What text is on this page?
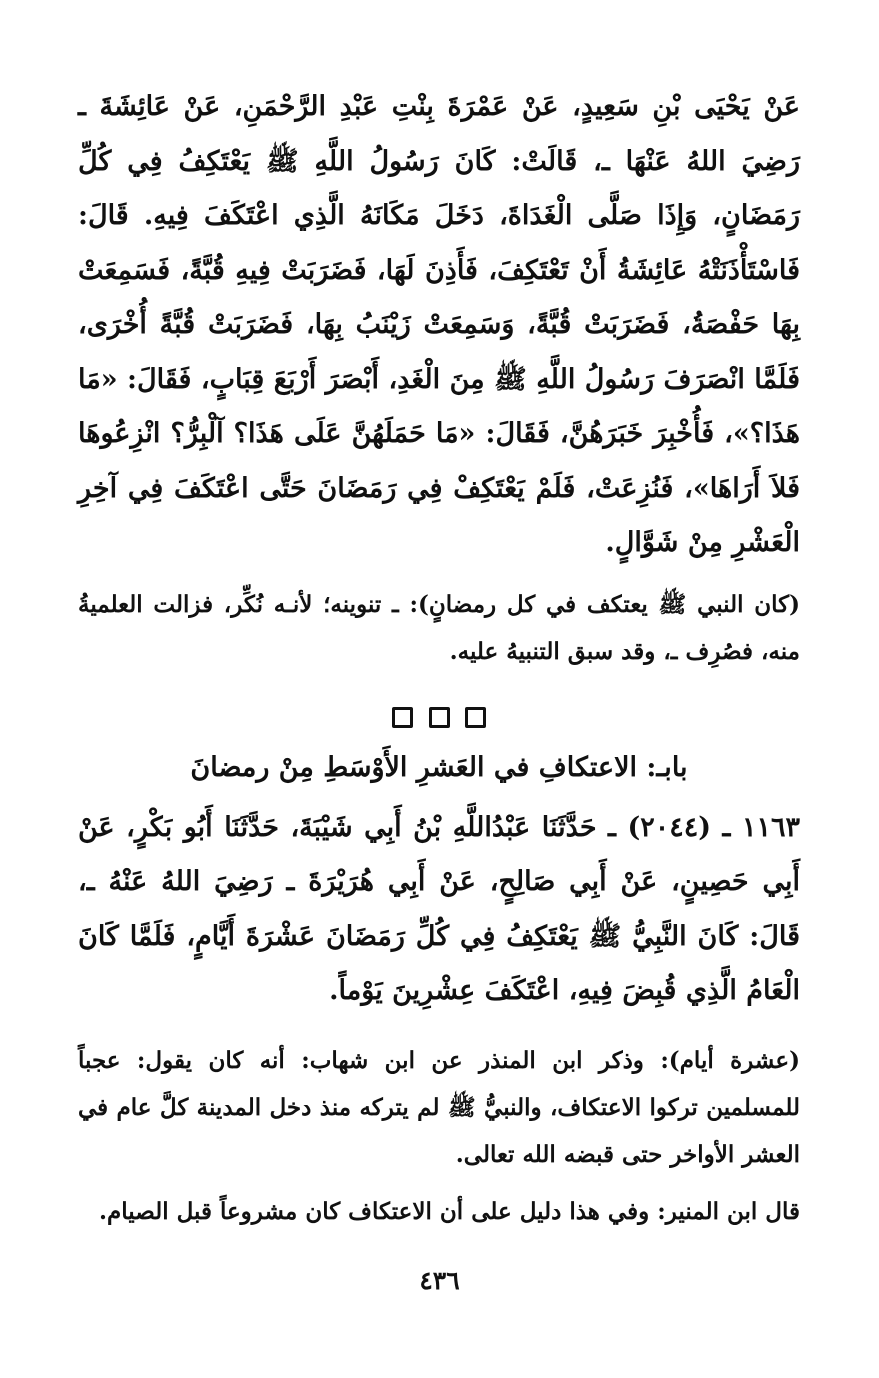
عَنْ يَحْيَى بْنِ سَعِيدٍ، عَنْ عَمْرَةَ بِنْتِ عَبْدِ الرَّحْمَنِ، عَنْ عَائِشَةَ ـ رَضِيَ اللهُ عَنْهَا ـ، قَالَتْ: كَانَ رَسُولُ اللَّهِ ﷺ يَعْتَكِفُ فِي كُلِّ رَمَضَانٍ، وَإِذَا صَلَّى الْغَدَاةَ، دَخَلَ مَكَانَهُ الَّذِي اعْتَكَفَ فِيهِ. قَالَ: فَاسْتَأْذَنَتْهُ عَائِشَةُ أَنْ تَعْتَكِفَ، فَأَذِنَ لَهَا، فَضَرَبَتْ فِيهِ قُبَّةً، فَسَمِعَتْ بِهَا حَفْصَةُ، فَضَرَبَتْ قُبَّةً، وَسَمِعَتْ زَيْنَبُ بِهَا، فَضَرَبَتْ قُبَّةً أُخْرَى، فَلَمَّا انْصَرَفَ رَسُولُ اللَّهِ ﷺ مِنَ الْغَدِ، أَبْصَرَ أَرْبَعَ قِبَابٍ، فَقَالَ: «مَا هَذَا؟»، فَأُخْبِرَ خَبَرَهُنَّ، فَقَالَ: «مَا حَمَلَهُنَّ عَلَى هَذَا؟ آلْبِرُّ؟ انْزِعُوهَا فَلاَ أَرَاهَا»، فَنُزِعَتْ، فَلَمْ يَعْتَكِفْ فِي رَمَضَانَ حَتَّى اعْتَكَفَ فِي آخِرِ الْعَشْرِ مِنْ شَوَّالٍ.

(كان النبي ﷺ يعتكف في كل رمضانٍ): ـ تنوينه؛ لأنـه نُكِّر، فزالت العلميةُ منه، فصُرِف ـ، وقد سبق التنبيهُ عليه.

بابـ: الاعتكافِ في العَشرِ الأَوْسَطِ مِنْ رمضانَ

١١٦٣ ـ (٢٠٤٤) ـ حَدَّثَنَا عَبْدُاللَّهِ بْنُ أَبِي شَيْبَةَ، حَدَّثَنَا أَبُو بَكْرٍ، عَنْ أَبِي حَصِينٍ، عَنْ أَبِي صَالِحٍ، عَنْ أَبِي هُرَيْرَةَ ـ رَضِيَ اللهُ عَنْهُ ـ، قَالَ: كَانَ النَّبِيُّ ﷺ يَعْتَكِفُ فِي كُلِّ رَمَضَانَ عَشْرَةَ أَيَّامٍ، فَلَمَّا كَانَ الْعَامُ الَّذِي قُبِضَ فِيهِ، اعْتَكَفَ عِشْرِينَ يَوْماً.

(عشرة أيام): وذكر ابن المنذر عن ابن شهاب: أنه كان يقول: عجباً للمسلمين تركوا الاعتكاف، والنبيُّ ﷺ لم يتركه منذ دخل المدينة كلَّ عام في العشر الأواخر حتى قبضه الله تعالى.

قال ابن المنير: وفي هذا دليل على أن الاعتكاف كان مشروعاً قبل الصيام.

٤٣٦
